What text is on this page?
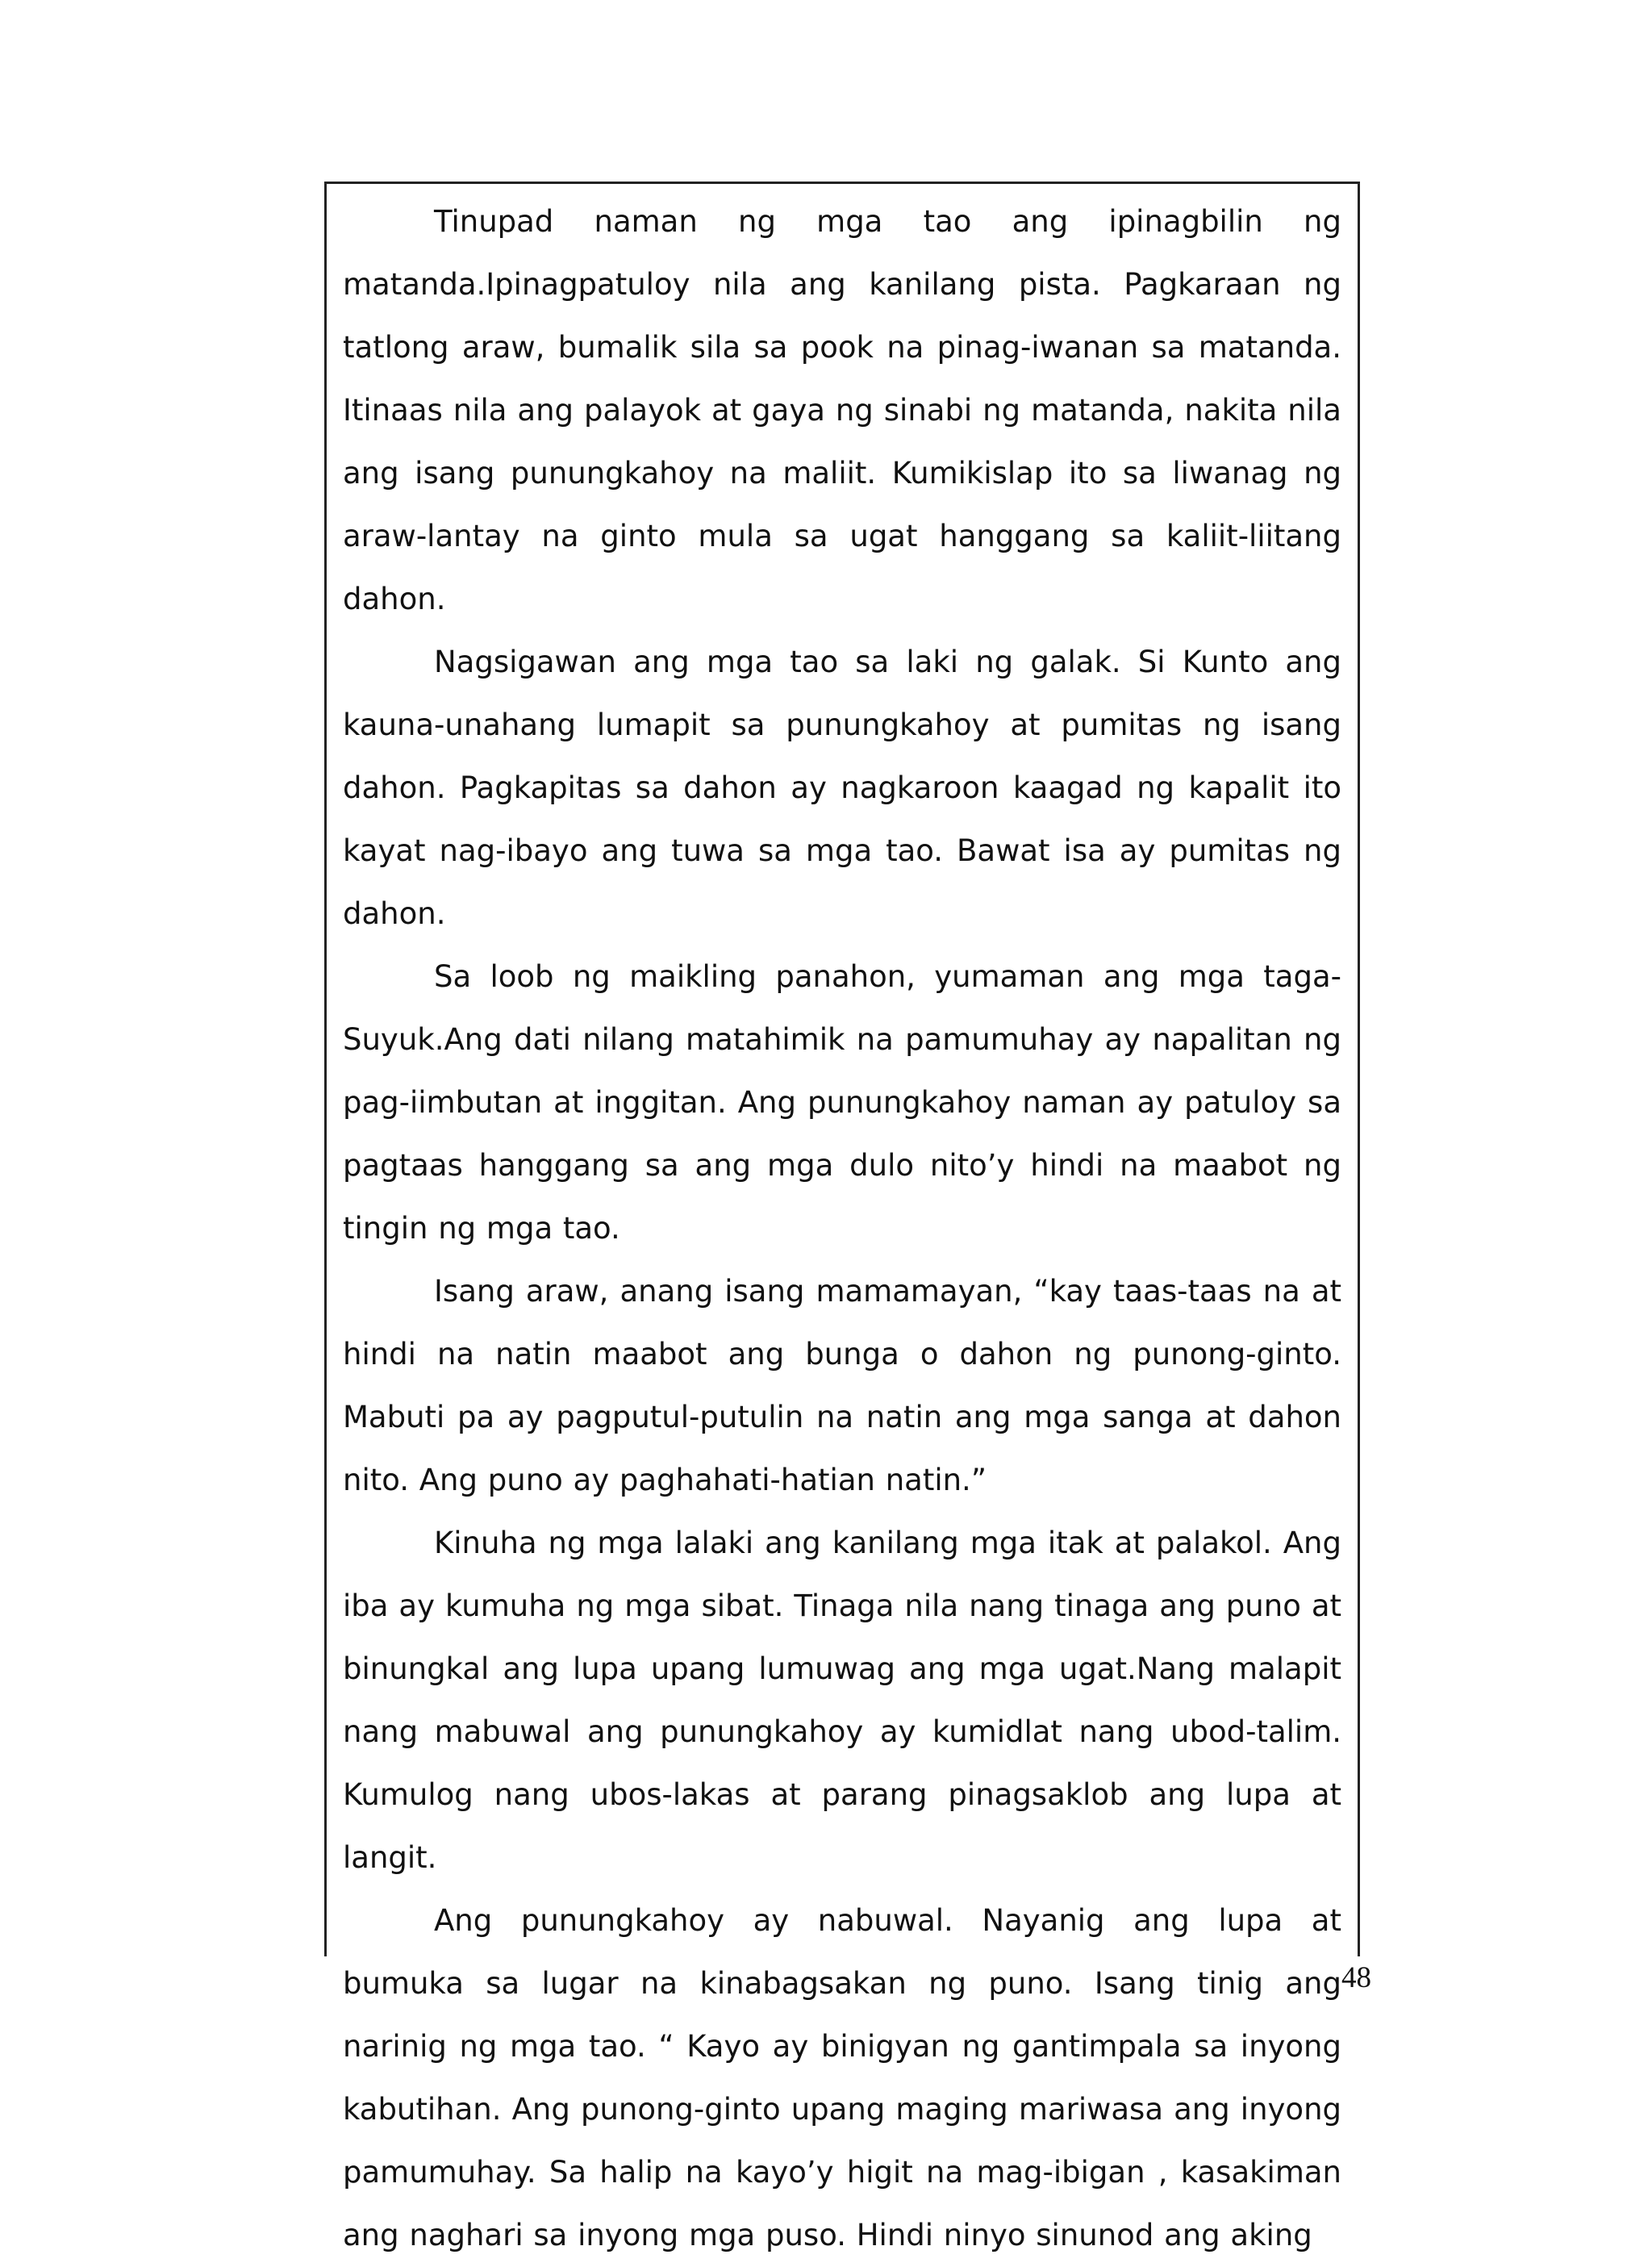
Tinupad naman ng mga tao ang ipinagbilin ng matanda.Ipinagpatuloy nila ang kanilang pista. Pagkaraan ng tatlong araw, bumalik sila sa pook na pinag-iwanan sa matanda. Itinaas nila ang palayok at gaya ng sinabi ng matanda, nakita nila ang isang punungkahoy na maliit. Kumikislap ito sa liwanag ng araw-lantay na ginto mula sa ugat hanggang sa kaliit-liitang dahon.

Nagsigawan ang mga tao sa laki ng galak. Si Kunto ang kauna-unahang lumapit sa punungkahoy at pumitas ng isang dahon. Pagkapitas sa dahon ay nagkaroon kaagad ng kapalit ito kayat nag-ibayo ang tuwa sa mga tao. Bawat isa ay pumitas ng dahon.

Sa loob ng maikling panahon, yumaman ang mga taga-Suyuk.Ang dati nilang matahimik na pamumuhay ay napalitan ng pag-iimbutan at inggitan. Ang punungkahoy naman ay patuloy sa pagtaas hanggang sa ang mga dulo nito’y hindi na maabot ng tingin ng mga tao.

Isang araw, anang isang mamamayan, “kay taas-taas na at hindi na natin maabot ang bunga o dahon ng punong-ginto. Mabuti pa ay pagputul-putulin na natin ang mga sanga at dahon nito. Ang puno ay paghahati-hatian natin.”

Kinuha ng mga lalaki ang kanilang mga itak at palakol. Ang iba ay kumuha ng mga sibat. Tinaga nila nang tinaga ang puno at binungkal ang lupa upang lumuwag ang mga ugat.Nang malapit nang mabuwal ang punungkahoy ay kumidlat nang ubod-talim. Kumulog nang ubos-lakas at parang pinagsaklob ang lupa at langit.

Ang punungkahoy ay nabuwal. Nayanig ang lupa at bumuka sa lugar na kinabagsakan ng puno. Isang tinig ang narinig ng mga tao. “ Kayo ay binigyan ng gantimpala sa inyong kabutihan. Ang punong-ginto upang maging mariwasa ang inyong pamumuhay. Sa halip na kayo’y higit na mag-ibigan , kasakiman ang naghari sa inyong mga puso. Hindi ninyo sinunod ang aking

48
